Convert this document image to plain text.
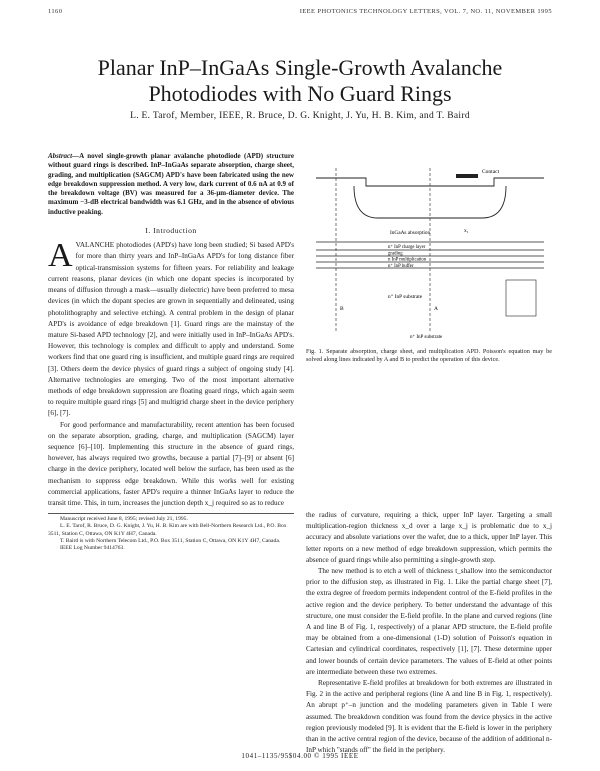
1160	IEEE PHOTONICS TECHNOLOGY LETTERS, VOL. 7, NO. 11, NOVEMBER 1995
Planar InP–InGaAs Single-Growth Avalanche
Photodiodes with No Guard Rings
L. E. Tarof, Member, IEEE, R. Bruce, D. G. Knight, J. Yu, H. B. Kim, and T. Baird

Abstract—A novel single-growth planar avalanche photodiode (APD) structure without guard rings is described. InP–InGaAs separate absorption, charge sheet, grading, and multiplication (SAGCM) APD's have been fabricated using the new edge breakdown suppression method. A very low, dark current of 0.6 nA at 0.9 of the breakdown voltage (BV) was measured for a 36-μm-diameter device. The maximum −3-dB electrical bandwidth was 6.1 GHz, and in the absence of obvious inductive peaking.

I. Introduction

AVALANCHE photodiodes (APD's) have long been studied; Si based APD's for more than thirty years and InP–InGaAs APD's for long distance fiber optical-transmission systems for fifteen years. For reliability and leakage current reasons, planar devices (in which one dopant species is incorporated by means of diffusion through a mask—usually dielectric) have been preferred to mesa devices (in which the dopant species are grown in sequentially and delineated, using photolithography and selective etching). A central problem in the design of planar APD's is avoidance of edge breakdown [1]. Guard rings are the mainstay of the mature Si-based APD technology [2], and were initially used in InP–InGaAs APD's. However, this technology is complex and difficult to apply and understand. Some workers find that one guard ring is insufficient, and multiple guard rings are required [3]. Others deem the device physics of guard rings a subject of ongoing study [4]. Alternative technologies are emerging. Two of the most important alternative methods of edge breakdown suppression are floating guard rings, which again seem to require multiple guard rings [5] and multigrid charge sheet in the device periphery [6], [7].

For good performance and manufacturability, recent attention has been focused on the separate absorption, grading, charge, and multiplication (SAGCM) layer sequence [6]–[10]. Implementing this structure in the absence of guard rings, however, has always required two growths, because a partial [7]–[9] or absent [6] charge in the device periphery, located well below the surface, has been used as the mechanism to suppress edge breakdown. While this works well for existing commercial applications, faster APD's require a thinner InGaAs layer to reduce the transit time. This, in turn, increases the junction depth x_j required so as to reduce

Manuscript received June 8, 1995; revised July 21, 1995.
L. E. Tarof, R. Bruce, D. G. Knight, J. Yu, H. B. Kim are with Bell-Northern Research Ltd., P.O. Box 3511, Station C, Ottawa, ON K1Y 4H7, Canada.
T. Baird is with Northern Telecom Ltd., P.O. Box 3511, Station C, Ottawa, ON K1Y 4H7, Canada.
IEEE Log Number 9414763.
Contact
InGaAs absorption	x₁
n⁺ InP charge layer
grading
n InP multiplication
n⁺ InP buffer
n⁺ InP substrate
A
B
n⁺ InP substrate
Fig. 1. Separate absorption, charge sheet, and multiplication APD. Poisson's equation may be solved along lines indicated by A and B to predict the operation of this device.

the radius of curvature, requiring a thick, upper InP layer. Targeting a small multiplication-region thickness x_d over a large x_j is problematic due to x_j accuracy and absolute variations over the wafer, due to a thick, upper InP layer. This letter reports on a new method of edge breakdown suppression, which permits the absence of guard rings while also permitting a single-growth step.

The new method is to etch a well of thickness t_shallow into the semiconductor prior to the diffusion step, as illustrated in Fig. 1. Like the partial charge sheet [7], the extra degree of freedom permits independent control of the E-field profiles in the active region and the device periphery. To better understand the advantage of this structure, one must consider the E-field profile. In the plane and curved regions (line A and line B of Fig. 1, respectively) of a planar APD structure, the E-field profile may be obtained from a one-dimensional (1-D) solution of Poisson's equation in Cartesian and cylindrical coordinates, respectively [1], [7]. These determine upper and lower bounds of certain device parameters. The values of E-field at other points are intermediate between these two extremes.

Representative E-field profiles at breakdown for both extremes are illustrated in Fig. 2 in the active and peripheral regions (line A and line B in Fig. 1, respectively). An abrupt p⁺–n junction and the modeling parameters given in Table I were assumed. The breakdown condition was found from the device physics in the active region previously modeled [9]. It is evident that the E-field is lower in the periphery than in the active central region of the device, because of the addition of additional n-InP which "stands off" the field in the periphery.

1041–1135/95$04.00 © 1995 IEEE
